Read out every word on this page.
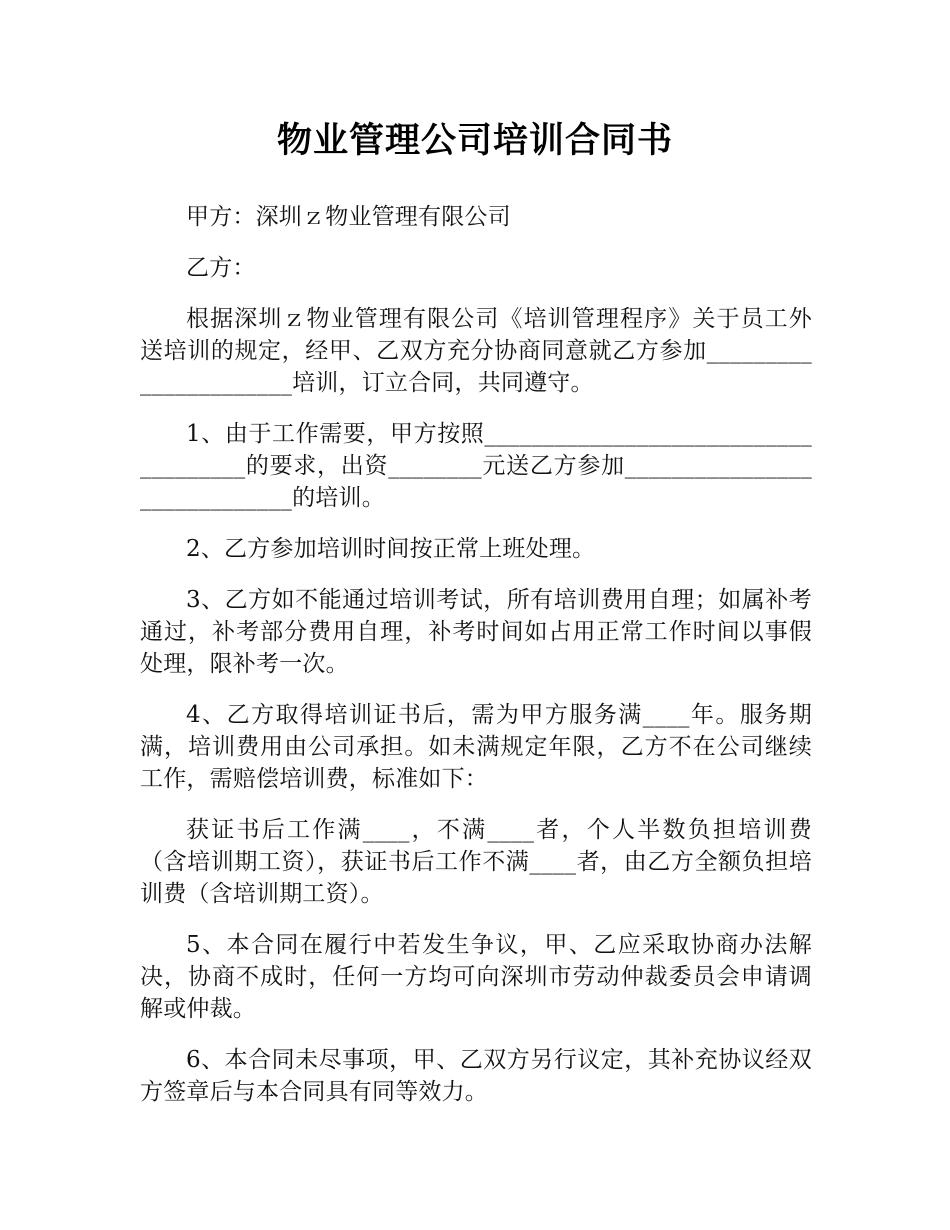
物业管理公司培训合同书

甲方：深圳ｚ物业管理有限公司

乙方：

根据深圳ｚ物业管理有限公司《培训管理程序》关于员工外送培训的规定，经甲、乙双方充分协商同意就乙方参加______________________培训，订立合同，共同遵守。

1、由于工作需要，甲方按照_____________________________________的要求，出资________元送乙方参加_____________________________的培训。

2、乙方参加培训时间按正常上班处理。

3、乙方如不能通过培训考试，所有培训费用自理；如属补考通过，补考部分费用自理，补考时间如占用正常工作时间以事假处理，限补考一次。

4、乙方取得培训证书后，需为甲方服务满____年。服务期满，培训费用由公司承担。如未满规定年限，乙方不在公司继续工作，需赔偿培训费，标准如下：

获证书后工作满____，不满____者，个人半数负担培训费（含培训期工资），获证书后工作不满____者，由乙方全额负担培训费（含培训期工资）。

5、本合同在履行中若发生争议，甲、乙应采取协商办法解决，协商不成时，任何一方均可向深圳市劳动仲裁委员会申请调解或仲裁。

6、本合同未尽事项，甲、乙双方另行议定，其补充协议经双方签章后与本合同具有同等效力。
